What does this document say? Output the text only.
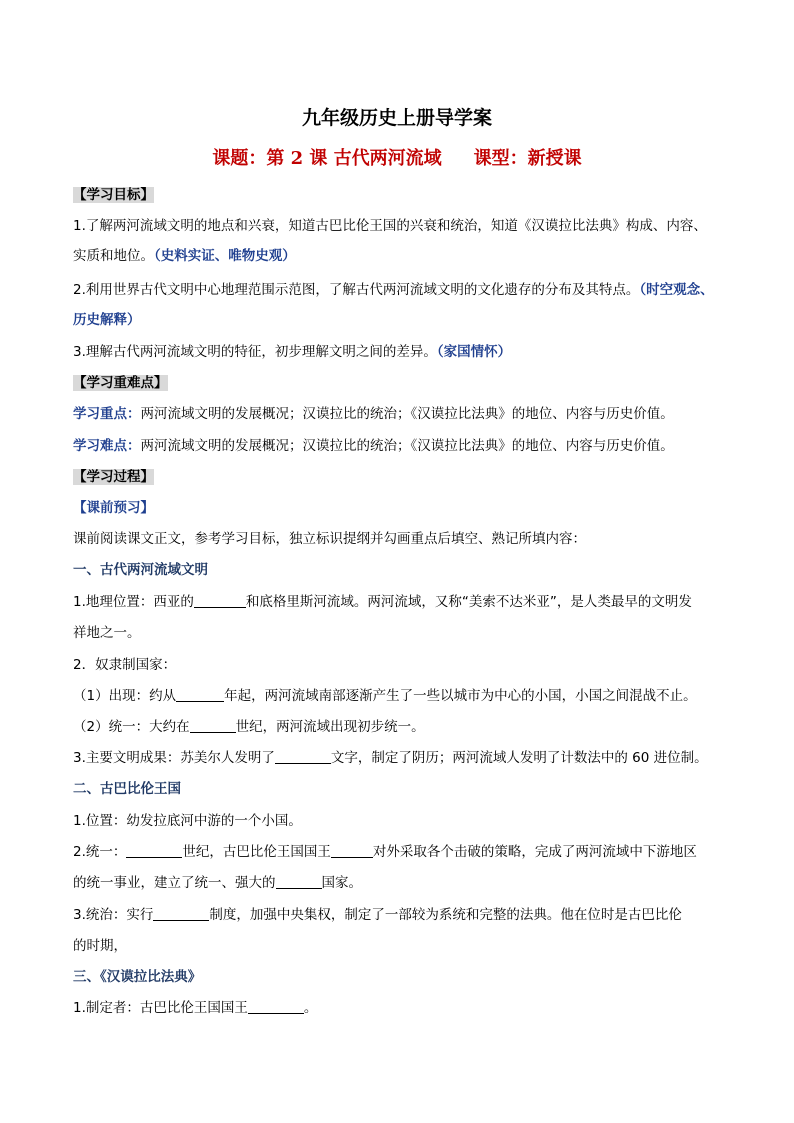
九年级历史上册导学案
课题：第 2 课 古代两河流域 课型：新授课
【学习目标】
1.了解两河流域文明的地点和兴衰，知道古巴比伦王国的兴衰和统治，知道《汉谟拉比法典》构成、内容、
实质和地位。（史料实证、唯物史观）
2.利用世界古代文明中心地理范围示范图，了解古代两河流域文明的文化遗存的分布及其特点。（时空观念、
历史解释）
3.理解古代两河流域文明的特征，初步理解文明之间的差异。（家国情怀）
【学习重难点】
学习重点：两河流域文明的发展概况；汉谟拉比的统治；《汉谟拉比法典》的地位、内容与历史价值。
学习难点：两河流域文明的发展概况；汉谟拉比的统治；《汉谟拉比法典》的地位、内容与历史价值。
【学习过程】
【课前预习】
课前阅读课文正文，参考学习目标，独立标识提纲并勾画重点后填空、熟记所填内容：
一、古代两河流域文明
1.地理位置：西亚的	和底格里斯河流域。两河流域，又称“美索不达米亚”，是人类最早的文明发
祥地之一。
2．奴隶制国家：
（1）出现：约从	年起，两河流域南部逐渐产生了一些以城市为中心的小国，小国之间混战不止。
（2）统一：大约在	世纪，两河流域出现初步统一。
3.主要文明成果：苏美尔人发明了	文字，制定了阴历；两河流域人发明了计数法中的 60 进位制。
二、古巴比伦王国
1.位置：幼发拉底河中游的一个小国。
2.统一：	世纪，古巴比伦王国国王	对外采取各个击破的策略，完成了两河流域中下游地区
的统一事业，建立了统一、强大的	国家。
3.统治：实行	制度，加强中央集权，制定了一部较为系统和完整的法典。他在位时是古巴比伦
的时期，
三、《汉谟拉比法典》
1.制定者：古巴比伦王国国王	。
